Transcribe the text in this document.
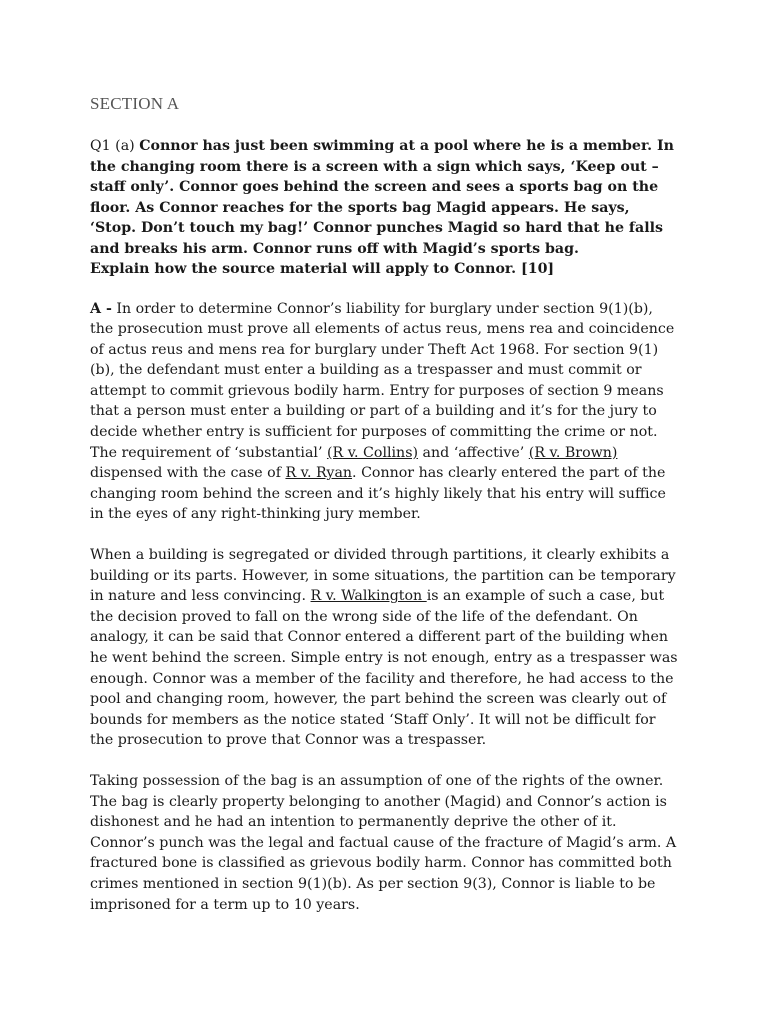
SECTION A
Q1 (a) Connor has just been swimming at a pool where he is a member. In the changing room there is a screen with a sign which says, ‘Keep out – staff only’. Connor goes behind the screen and sees a sports bag on the floor. As Connor reaches for the sports bag Magid appears. He says, ‘Stop. Don’t touch my bag!’ Connor punches Magid so hard that he falls and breaks his arm. Connor runs off with Magid’s sports bag.
Explain how the source material will apply to Connor. [10]
A - In order to determine Connor’s liability for burglary under section 9(1)(b), the prosecution must prove all elements of actus reus, mens rea and coincidence of actus reus and mens rea for burglary under Theft Act 1968. For section 9(1)(b), the defendant must enter a building as a trespasser and must commit or attempt to commit grievous bodily harm. Entry for purposes of section 9 means that a person must enter a building or part of a building and it’s for the jury to decide whether entry is sufficient for purposes of committing the crime or not. The requirement of ‘substantial’ (R v. Collins) and ‘affective’ (R v. Brown) dispensed with the case of R v. Ryan. Connor has clearly entered the part of the changing room behind the screen and it’s highly likely that his entry will suffice in the eyes of any right-thinking jury member.
When a building is segregated or divided through partitions, it clearly exhibits a building or its parts. However, in some situations, the partition can be temporary in nature and less convincing. R v. Walkington is an example of such a case, but the decision proved to fall on the wrong side of the life of the defendant. On analogy, it can be said that Connor entered a different part of the building when he went behind the screen. Simple entry is not enough, entry as a trespasser was enough. Connor was a member of the facility and therefore, he had access to the pool and changing room, however, the part behind the screen was clearly out of bounds for members as the notice stated ‘Staff Only’. It will not be difficult for the prosecution to prove that Connor was a trespasser.
Taking possession of the bag is an assumption of one of the rights of the owner. The bag is clearly property belonging to another (Magid) and Connor’s action is dishonest and he had an intention to permanently deprive the other of it. Connor’s punch was the legal and factual cause of the fracture of Magid’s arm. A fractured bone is classified as grievous bodily harm. Connor has committed both crimes mentioned in section 9(1)(b). As per section 9(3), Connor is liable to be imprisoned for a term up to 10 years.
